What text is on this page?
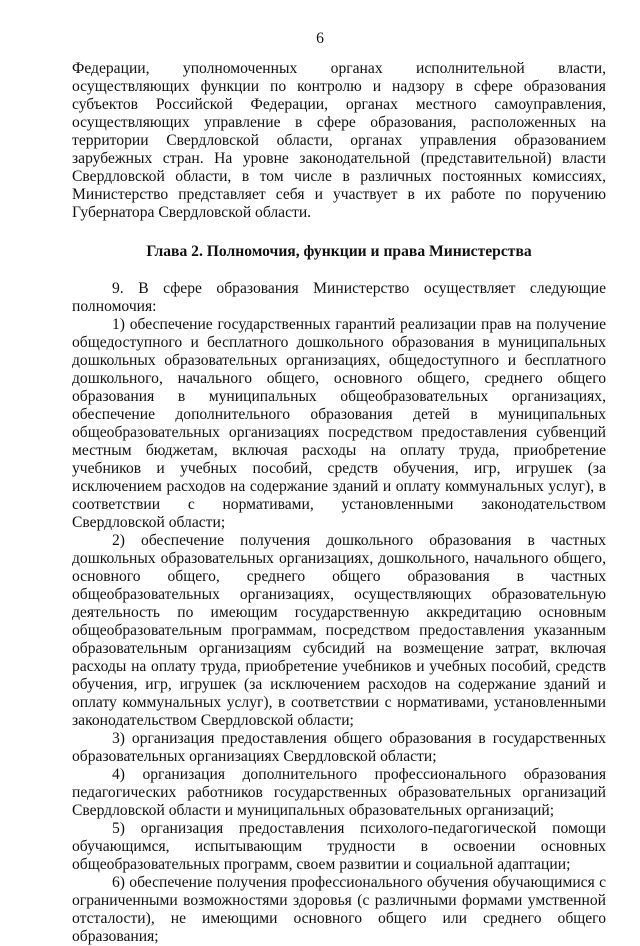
6

Федерации, уполномоченных органах исполнительной власти, осуществляющих функции по контролю и надзору в сфере образования субъектов Российской Федерации, органах местного самоуправления, осуществляющих управление в сфере образования, расположенных на территории Свердловской области, органах управления образованием зарубежных стран. На уровне законодательной (представительной) власти Свердловской области, в том числе в различных постоянных комиссиях, Министерство представляет себя и участвует в их работе по поручению Губернатора Свердловской области.

Глава 2. Полномочия, функции и права Министерства

9. В сфере образования Министерство осуществляет следующие полномочия:

1) обеспечение государственных гарантий реализации прав на получение общедоступного и бесплатного дошкольного образования в муниципальных дошкольных образовательных организациях, общедоступного и бесплатного дошкольного, начального общего, основного общего, среднего общего образования в муниципальных общеобразовательных организациях, обеспечение дополнительного образования детей в муниципальных общеобразовательных организациях посредством предоставления субвенций местным бюджетам, включая расходы на оплату труда, приобретение учебников и учебных пособий, средств обучения, игр, игрушек (за исключением расходов на содержание зданий и оплату коммунальных услуг), в соответствии с нормативами, установленными законодательством Свердловской области;

2) обеспечение получения дошкольного образования в частных дошкольных образовательных организациях, дошкольного, начального общего, основного общего, среднего общего образования в частных общеобразовательных организациях, осуществляющих образовательную деятельность по имеющим государственную аккредитацию основным общеобразовательным программам, посредством предоставления указанным образовательным организациям субсидий на возмещение затрат, включая расходы на оплату труда, приобретение учебников и учебных пособий, средств обучения, игр, игрушек (за исключением расходов на содержание зданий и оплату коммунальных услуг), в соответствии с нормативами, установленными законодательством Свердловской области;

3) организация предоставления общего образования в государственных образовательных организациях Свердловской области;

4) организация дополнительного профессионального образования педагогических работников государственных образовательных организаций Свердловской области и муниципальных образовательных организаций;

5) организация предоставления психолого-педагогической помощи обучающимся, испытывающим трудности в освоении основных общеобразовательных программ, своем развитии и социальной адаптации;

6) обеспечение получения профессионального обучения обучающимися с ограниченными возможностями здоровья (с различными формами умственной отсталости), не имеющими основного общего или среднего общего образования;
